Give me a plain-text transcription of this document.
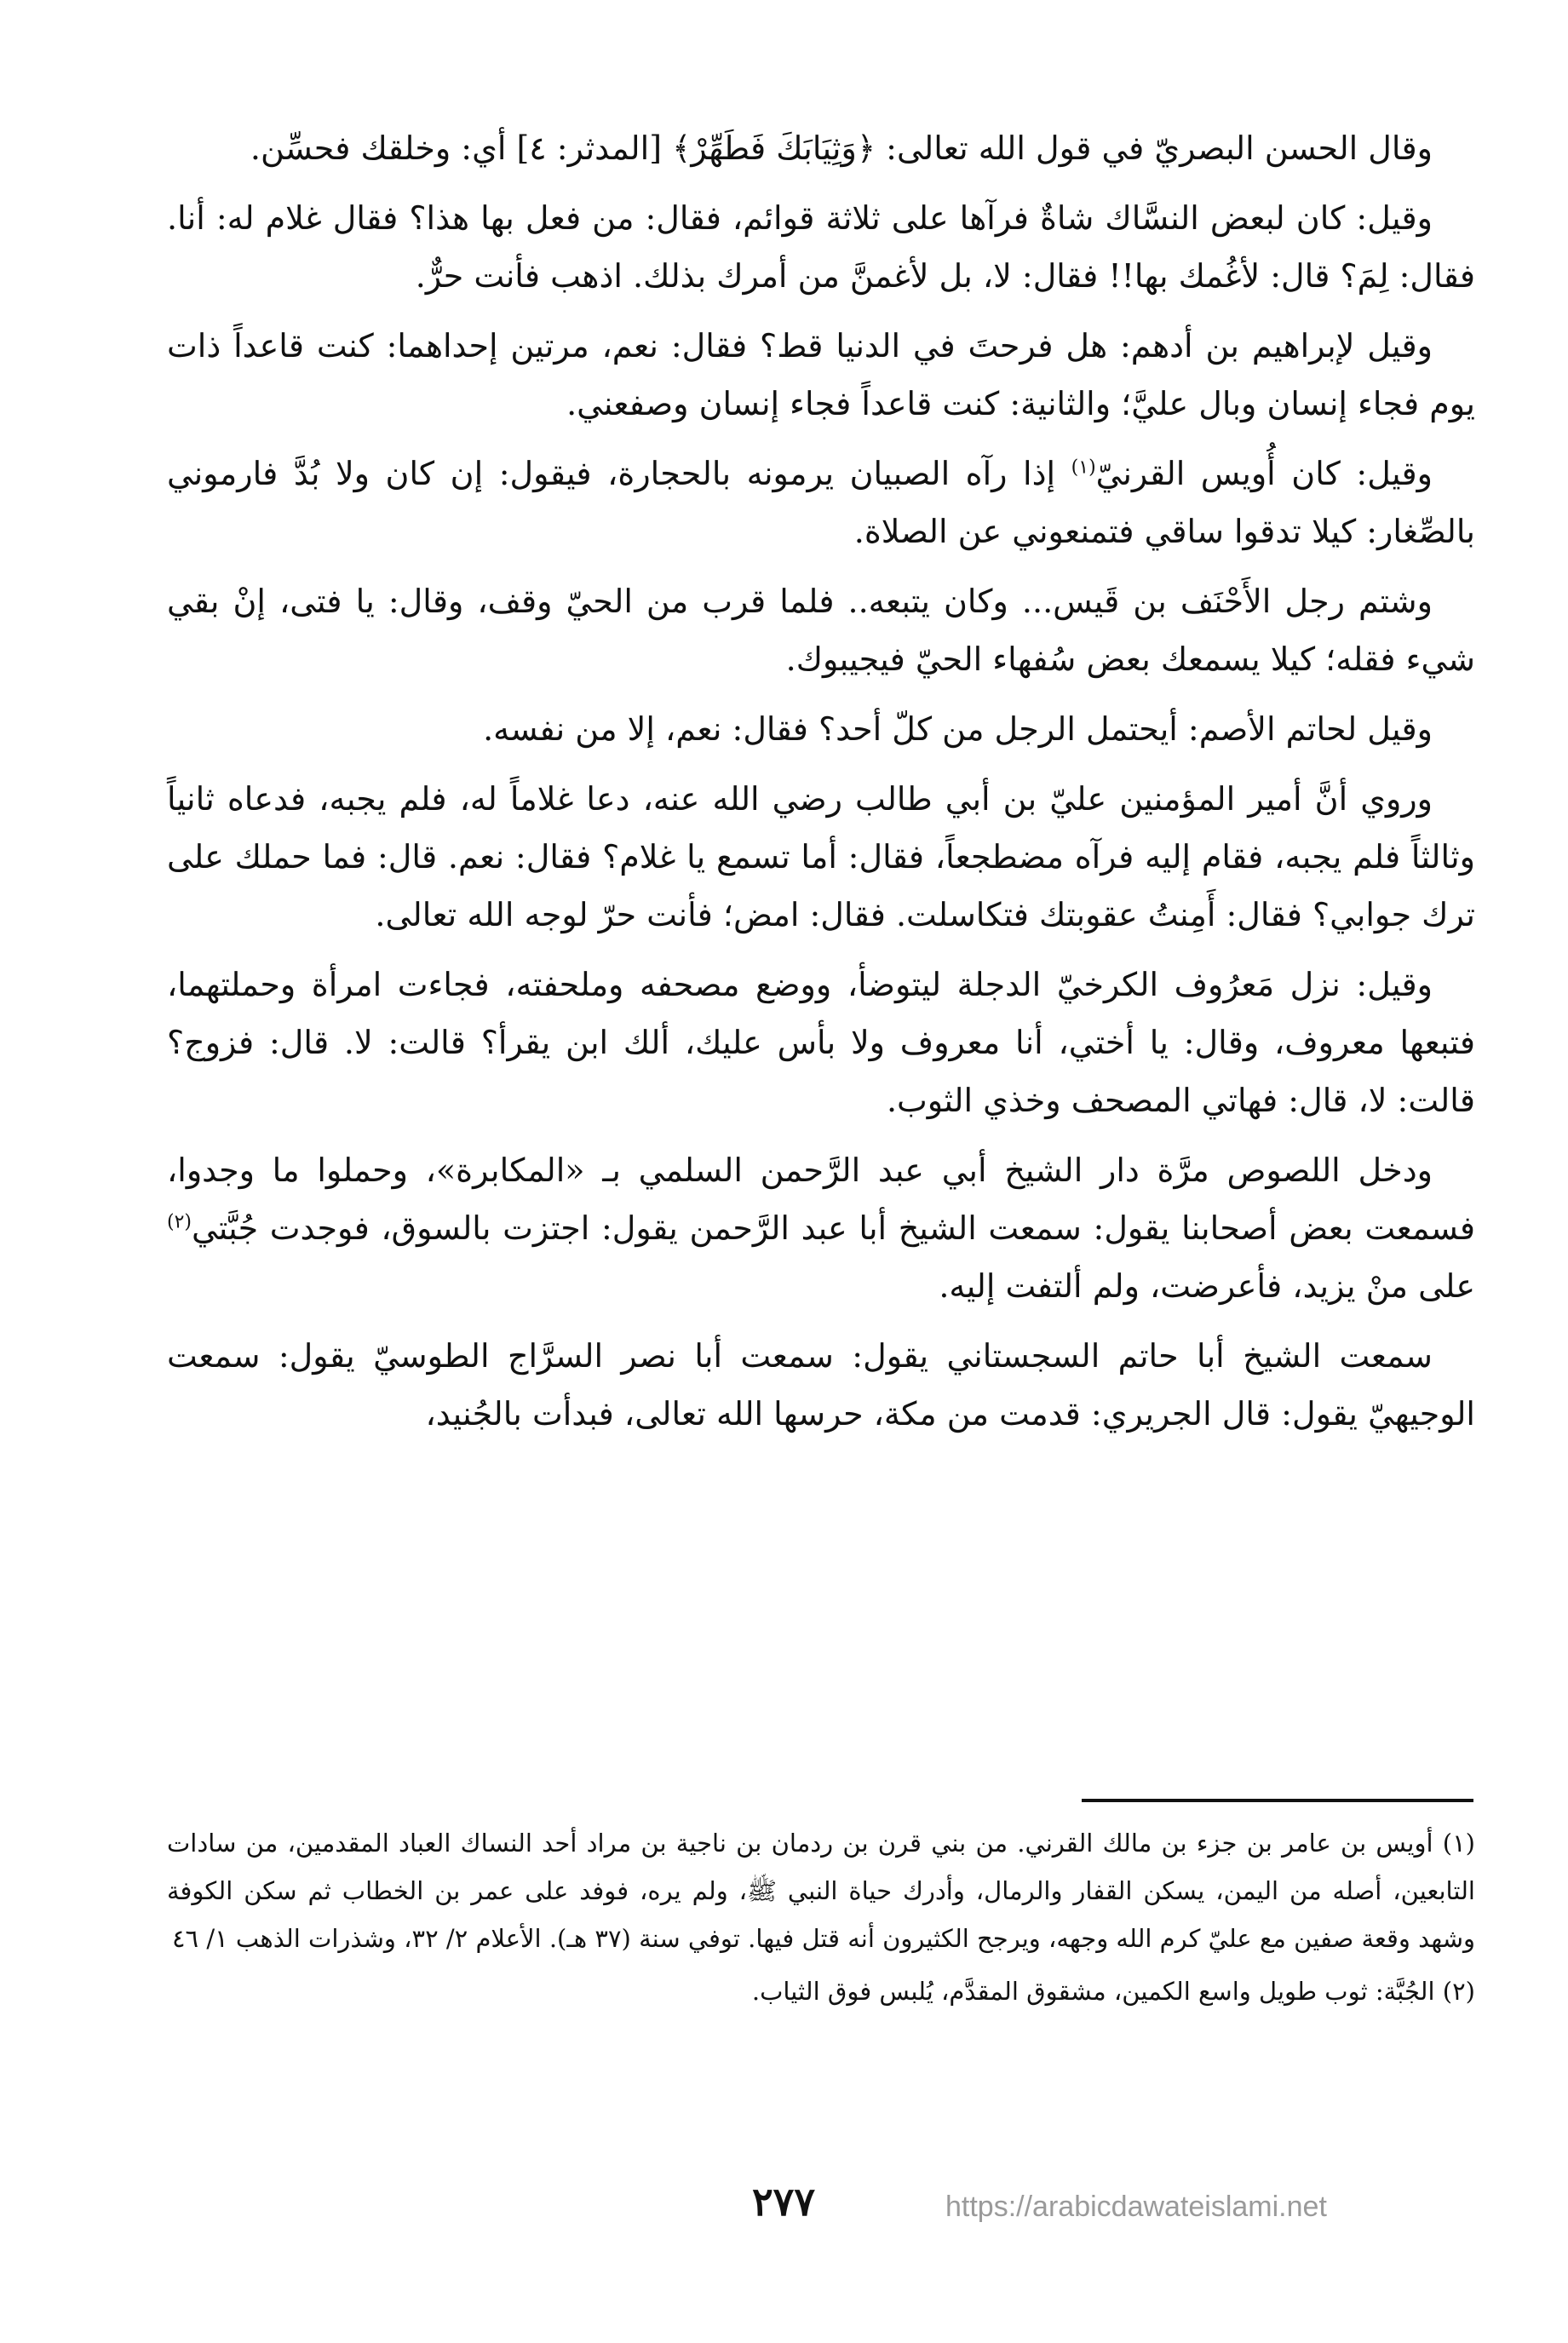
وقال الحسن البصريّ في قول الله تعالى: ﴿وَثِيَابَكَ فَطَهِّرْ﴾ [المدثر: ٤] أي: وخلقك فحسِّن.

وقيل: كان لبعض النسَّاك شاةٌ فرآها على ثلاثة قوائم، فقال: من فعل بها هذا؟ فقال غلام له: أنا. فقال: لِمَ؟ قال: لأغُمك بها!! فقال: لا، بل لأغمنَّ من أمرك بذلك. اذهب فأنت حرٌّ.

وقيل لإبراهيم بن أدهم: هل فرحتَ في الدنيا قط؟ فقال: نعم، مرتين إحداهما: كنت قاعداً ذات يوم فجاء إنسان وبال عليَّ؛ والثانية: كنت قاعداً فجاء إنسان وصفعني.

وقيل: كان أُويس القرنيّ$^{(١)}$ إذا رآه الصبيان يرمونه بالحجارة، فيقول: إن كان ولا بُدَّ فارموني بالصِّغار: كيلا تدقوا ساقي فتمنعوني عن الصلاة.

وشتم رجل الأَحْنَف بن قَيس... وكان يتبعه.. فلما قرب من الحيّ وقف، وقال: يا فتى، إنْ بقي شيء فقله؛ كيلا يسمعك بعض سُفهاء الحيّ فيجيبوك.

وقيل لحاتم الأصم: أيحتمل الرجل من كلّ أحد؟ فقال: نعم، إلا من نفسه.

وروي أنَّ أمير المؤمنين عليّ بن أبي طالب رضي الله عنه، دعا غلاماً له، فلم يجبه، فدعاه ثانياً وثالثاً فلم يجبه، فقام إليه فرآه مضطجعاً، فقال: أما تسمع يا غلام؟ فقال: نعم. قال: فما حملك على ترك جوابي؟ فقال: أَمِنتُ عقوبتك فتكاسلت. فقال: امض؛ فأنت حرّ لوجه الله تعالى.

وقيل: نزل مَعرُوف الكرخيّ الدجلة ليتوضأ، ووضع مصحفه وملحفته، فجاءت امرأة وحملتهما، فتبعها معروف، وقال: يا أختي، أنا معروف ولا بأس عليك، ألك ابن يقرأ؟ قالت: لا. قال: فزوج؟ قالت: لا، قال: فهاتي المصحف وخذي الثوب.

ودخل اللصوص مرَّة دار الشيخ أبي عبد الرَّحمن السلمي بـ «المكابرة»، وحملوا ما وجدوا، فسمعت بعض أصحابنا يقول: سمعت الشيخ أبا عبد الرَّحمن يقول: اجتزت بالسوق، فوجدت جُبَّتي$^{(٢)}$ على منْ يزيد، فأعرضت، ولم ألتفت إليه.

سمعت الشيخ أبا حاتم السجستاني يقول: سمعت أبا نصر السرَّاج الطوسيّ يقول: سمعت الوجيهيّ يقول: قال الجريري: قدمت من مكة، حرسها الله تعالى، فبدأت بالجُنيد،

(١) أويس بن عامر بن جزء بن مالك القرني. من بني قرن بن ردمان بن ناجية بن مراد أحد النساك العباد المقدمين، من سادات التابعين، أصله من اليمن، يسكن القفار والرمال، وأدرك حياة النبي ﷺ، ولم يره، فوفد على عمر بن الخطاب ثم سكن الكوفة وشهد وقعة صفين مع عليّ كرم الله وجهه، ويرجح الكثيرون أنه قتل فيها. توفي سنة (٣٧ هـ). الأعلام ٢/ ٣٢، وشذرات الذهب ١/ ٤٦

(٢) الجُبَّة: ثوب طويل واسع الكمين، مشقوق المقدَّم، يُلبس فوق الثياب.

٢٧٧	https://arabicdawateislami.net
